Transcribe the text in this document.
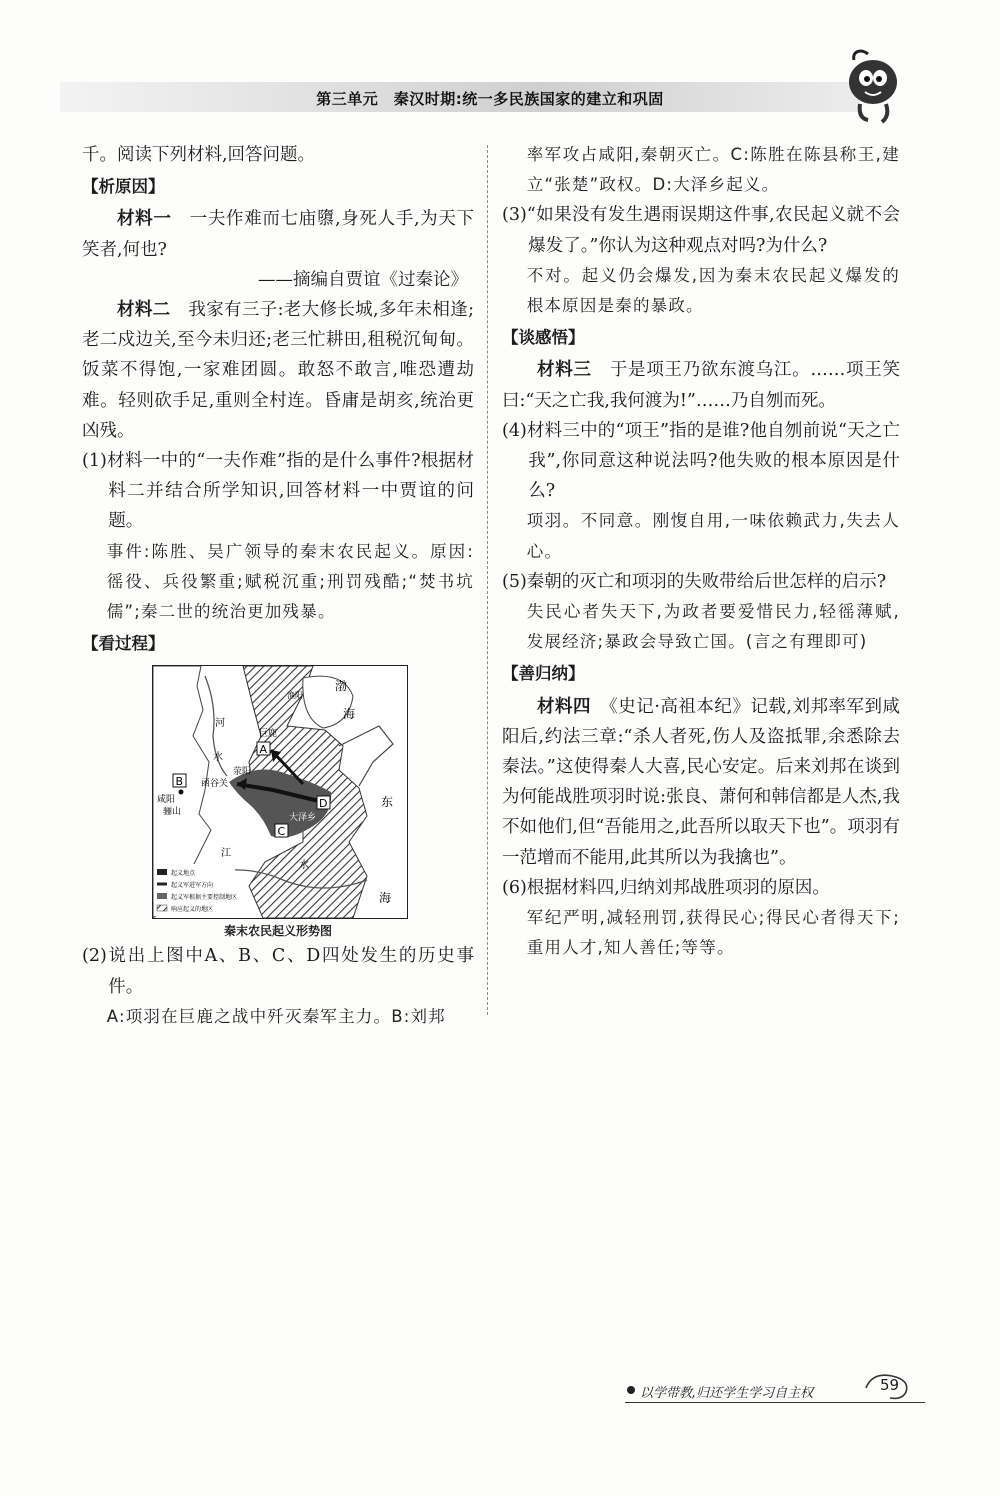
第三单元　秦汉时期:统一多民族国家的建立和巩固

千。阅读下列材料,回答问题。

【析原因】

材料一　一夫作难而七庙隳,身死人手,为天下笑者,何也?

——摘编自贾谊《过秦论》

材料二　我家有三子:老大修长城,多年未相逢;老二戍边关,至今未归还;老三忙耕田,租税沉甸甸。饭菜不得饱,一家难团圆。敢怒不敢言,唯恐遭劫难。轻则砍手足,重则全村连。昏庸是胡亥,统治更凶残。

(1)材料一中的“一夫作难”指的是什么事件?根据材料二并结合所学知识,回答材料一中贾谊的问题。

事件:陈胜、吴广领导的秦末农民起义。原因:徭役、兵役繁重;赋税沉重;刑罚残酷;“焚书坑儒”;秦二世的统治更加残暴。

【看过程】
A
B
C
D
咸阳
骊山
函谷关
荥阳
巨鹿
渔阳
大泽乡
河
水
江
水
渤
海
东
海
起义地点
起义军进军方向
起义军根据主要控制地区
响应起义的地区
秦末农民起义形势图

(2)说出上图中A、B、C、D四处发生的历史事件。

A:项羽在巨鹿之战中歼灭秦军主力。B:刘邦

率军攻占咸阳,秦朝灭亡。C:陈胜在陈县称王,建立“张楚”政权。D:大泽乡起义。

(3)“如果没有发生遇雨误期这件事,农民起义就不会爆发了。”你认为这种观点对吗?为什么?

不对。起义仍会爆发,因为秦末农民起义爆发的根本原因是秦的暴政。

【谈感悟】

材料三　于是项王乃欲东渡乌江。……项王笑曰:“天之亡我,我何渡为!”……乃自刎而死。

(4)材料三中的“项王”指的是谁?他自刎前说“天之亡我”,你同意这种说法吗?他失败的根本原因是什么?

项羽。不同意。刚愎自用,一味依赖武力,失去人心。

(5)秦朝的灭亡和项羽的失败带给后世怎样的启示?

失民心者失天下,为政者要爱惜民力,轻徭薄赋,发展经济;暴政会导致亡国。(言之有理即可)

【善归纳】

材料四　《史记·高祖本纪》记载,刘邦率军到咸阳后,约法三章:“杀人者死,伤人及盗抵罪,余悉除去秦法。”这使得秦人大喜,民心安定。后来刘邦在谈到为何能战胜项羽时说:张良、萧何和韩信都是人杰,我不如他们,但“吾能用之,此吾所以取天下也”。项羽有一范增而不能用,此其所以为我擒也”。

(6)根据材料四,归纳刘邦战胜项羽的原因。

军纪严明,减轻刑罚,获得民心;得民心者得天下;重用人才,知人善任;等等。

以学带教,归还学生学习自主权	59
